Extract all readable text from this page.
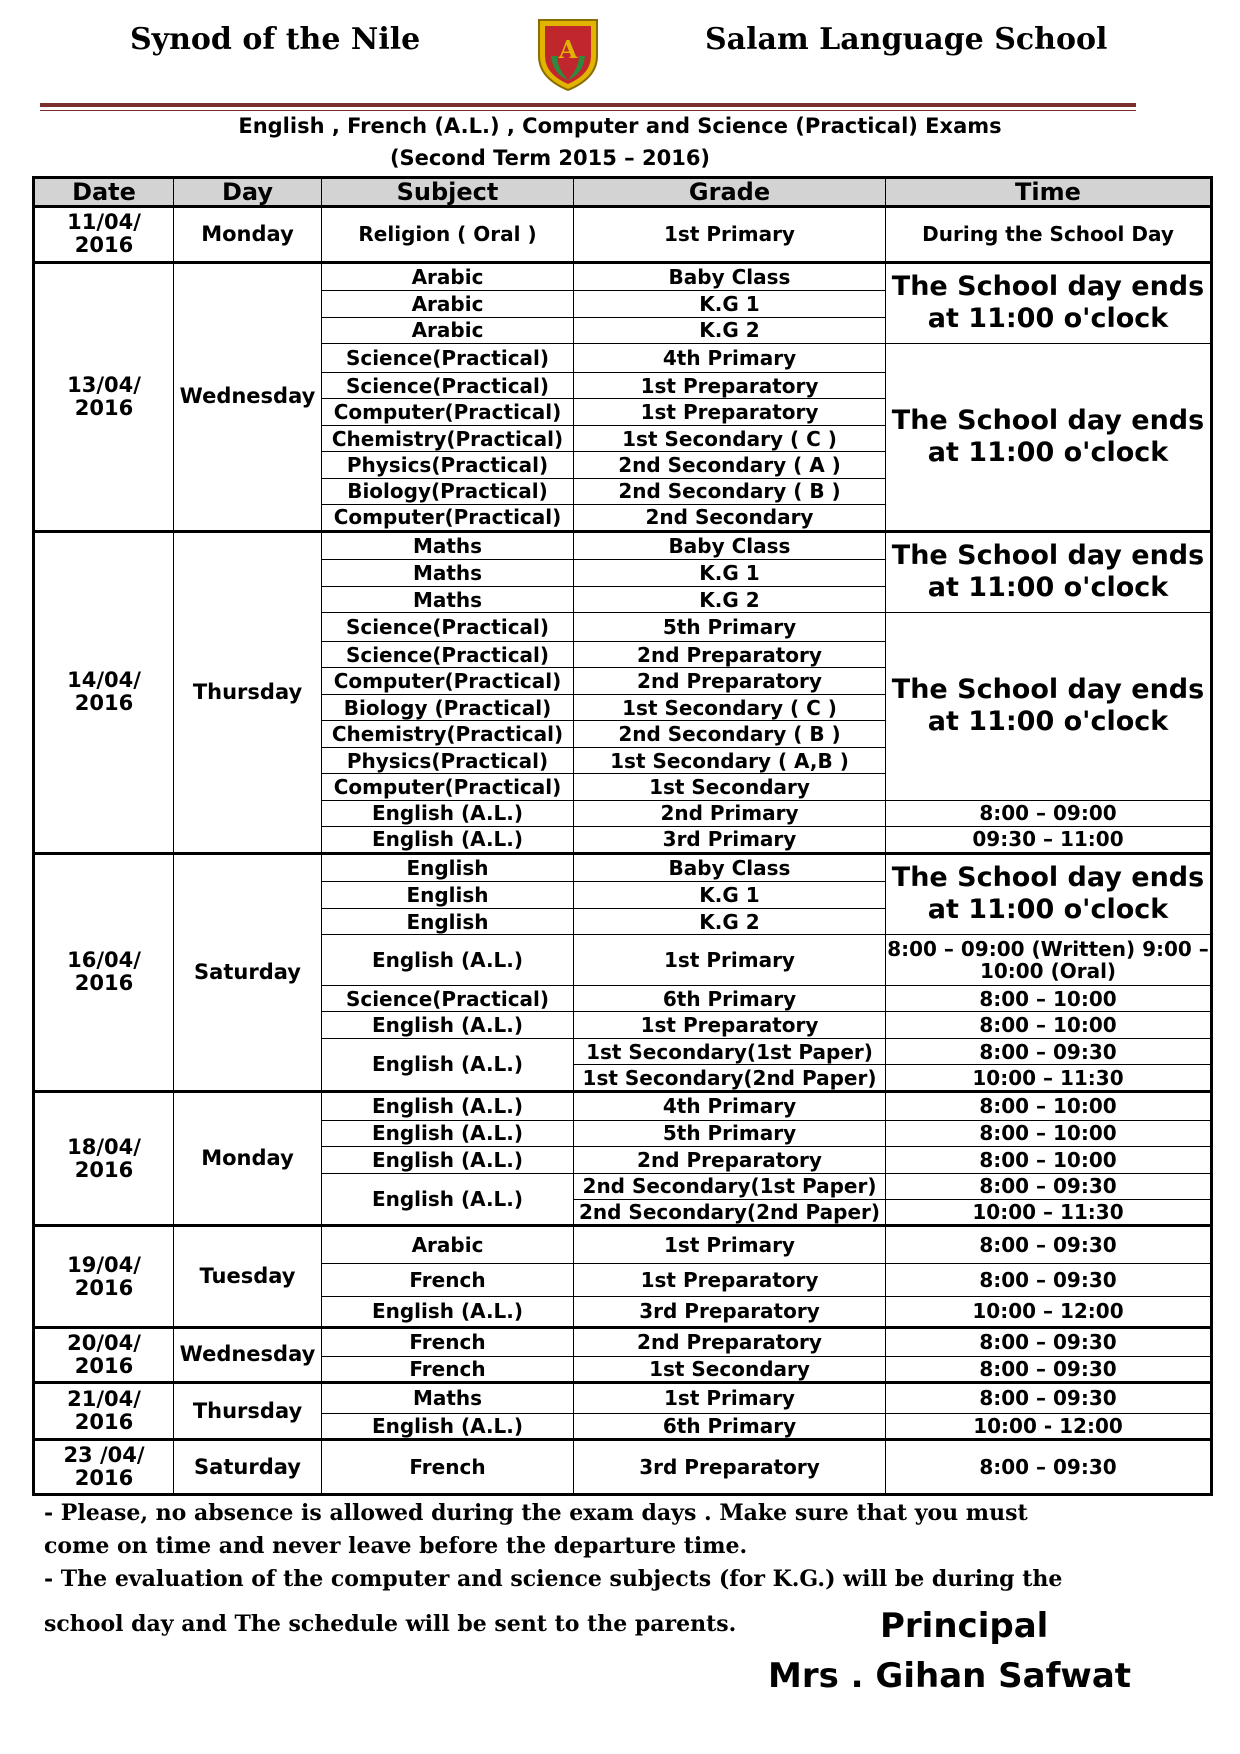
Synod of the Nile	A	Salam Language School
English , French (A.L.) , Computer and Science (Practical) Exams
(Second Term 2015 – 2016)
Date	Day	Subject	Grade	Time
11/04/ 2016	Monday	Religion ( Oral )	1st Primary	During the School Day
13/04/ 2016	Wednesday	Arabic	Baby Class	The School day ends at 11:00 o'clock
		Arabic	K.G 1	
		Arabic	K.G 2	
		Science(Practical)	4th Primary	The School day ends at 11:00 o'clock
		Science(Practical)	1st Preparatory	
		Computer(Practical)	1st Preparatory	
		Chemistry(Practical)	1st Secondary ( C )	
		Physics(Practical)	2nd Secondary ( A )	
		Biology(Practical)	2nd Secondary ( B )	
		Computer(Practical)	2nd Secondary	
14/04/ 2016	Thursday	Maths	Baby Class	The School day ends at 11:00 o'clock
		Maths	K.G 1	
		Maths	K.G 2	
		Science(Practical)	5th Primary	The School day ends at 11:00 o'clock
		Science(Practical)	2nd Preparatory	
		Computer(Practical)	2nd Preparatory	
		Biology (Practical)	1st Secondary ( C )	
		Chemistry(Practical)	2nd Secondary ( B )	
		Physics(Practical)	1st Secondary ( A,B )	
		Computer(Practical)	1st Secondary	
		English (A.L.)	2nd Primary	8:00 – 09:00
		English (A.L.)	3rd Primary	09:30 – 11:00
16/04/ 2016	Saturday	English	Baby Class	The School day ends at 11:00 o'clock
		English	K.G 1	
		English	K.G 2	
		English (A.L.)	1st Primary	8:00 – 09:00 (Written) 9:00 – 10:00 (Oral)
		Science(Practical)	6th Primary	8:00 – 10:00
		English (A.L.)	1st Preparatory	8:00 – 10:00
		English (A.L.)	1st Secondary(1st Paper)	8:00 – 09:30
			1st Secondary(2nd Paper)	10:00 – 11:30
18/04/ 2016	Monday	English (A.L.)	4th Primary	8:00 – 10:00
		English (A.L.)	5th Primary	8:00 – 10:00
		English (A.L.)	2nd Preparatory	8:00 – 10:00
		English (A.L.)	2nd Secondary(1st Paper)	8:00 – 09:30
			2nd Secondary(2nd Paper)	10:00 – 11:30
19/04/ 2016	Tuesday	Arabic	1st Primary	8:00 – 09:30
		French	1st Preparatory	8:00 – 09:30
		English (A.L.)	3rd Preparatory	10:00 – 12:00
20/04/ 2016	Wednesday	French	2nd Preparatory	8:00 – 09:30
		French	1st Secondary	8:00 – 09:30
21/04/ 2016	Thursday	Maths	1st Primary	8:00 – 09:30
		English (A.L.)	6th Primary	10:00 - 12:00
23 /04/ 2016	Saturday	French	3rd Preparatory	8:00 – 09:30
- Please, no absence is allowed during the exam days . Make sure that you must
come on time and never leave before the departure time.
- The evaluation of the computer and science subjects (for K.G.) will be during the
school day and The schedule will be sent to the parents.	Principal
Mrs . Gihan Safwat
